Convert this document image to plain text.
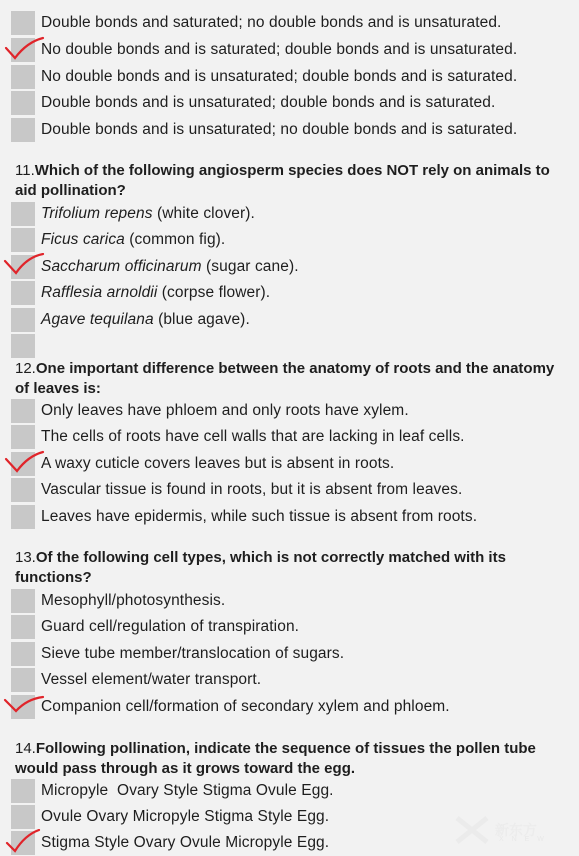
Double bonds and saturated; no double bonds and is unsaturated.
No double bonds and is saturated; double bonds and is unsaturated.
No double bonds and is unsaturated; double bonds and is saturated.
Double bonds and is unsaturated; double bonds and is saturated.
Double bonds and is unsaturated; no double bonds and is saturated.
11.Which of the following angiosperm species does NOT rely on animals to aid pollination?
Trifolium repens (white clover).
Ficus carica (common fig).
Saccharum officinarum (sugar cane).
Rafflesia arnoldii (corpse flower).
Agave tequilana (blue agave).
12.One important difference between the anatomy of roots and the anatomy of leaves is:
Only leaves have phloem and only roots have xylem.
The cells of roots have cell walls that are lacking in leaf cells.
A waxy cuticle covers leaves but is absent in roots.
Vascular tissue is found in roots, but it is absent from leaves.
Leaves have epidermis, while such tissue is absent from roots.
13.Of the following cell types, which is not correctly matched with its functions?
Mesophyll/photosynthesis.
Guard cell/regulation of transpiration.
Sieve tube member/translocation of sugars.
Vessel element/water transport.
Companion cell/formation of secondary xylem and phloem.
14.Following pollination, indicate the sequence of tissues the pollen tube would pass through as it grows toward the egg.
Micropyle  Ovary Style Stigma Ovule Egg.
Ovule Ovary Micropyle Stigma Style Egg.
Stigma Style Ovary Ovule Micropyle Egg.
新东方
X N E W
